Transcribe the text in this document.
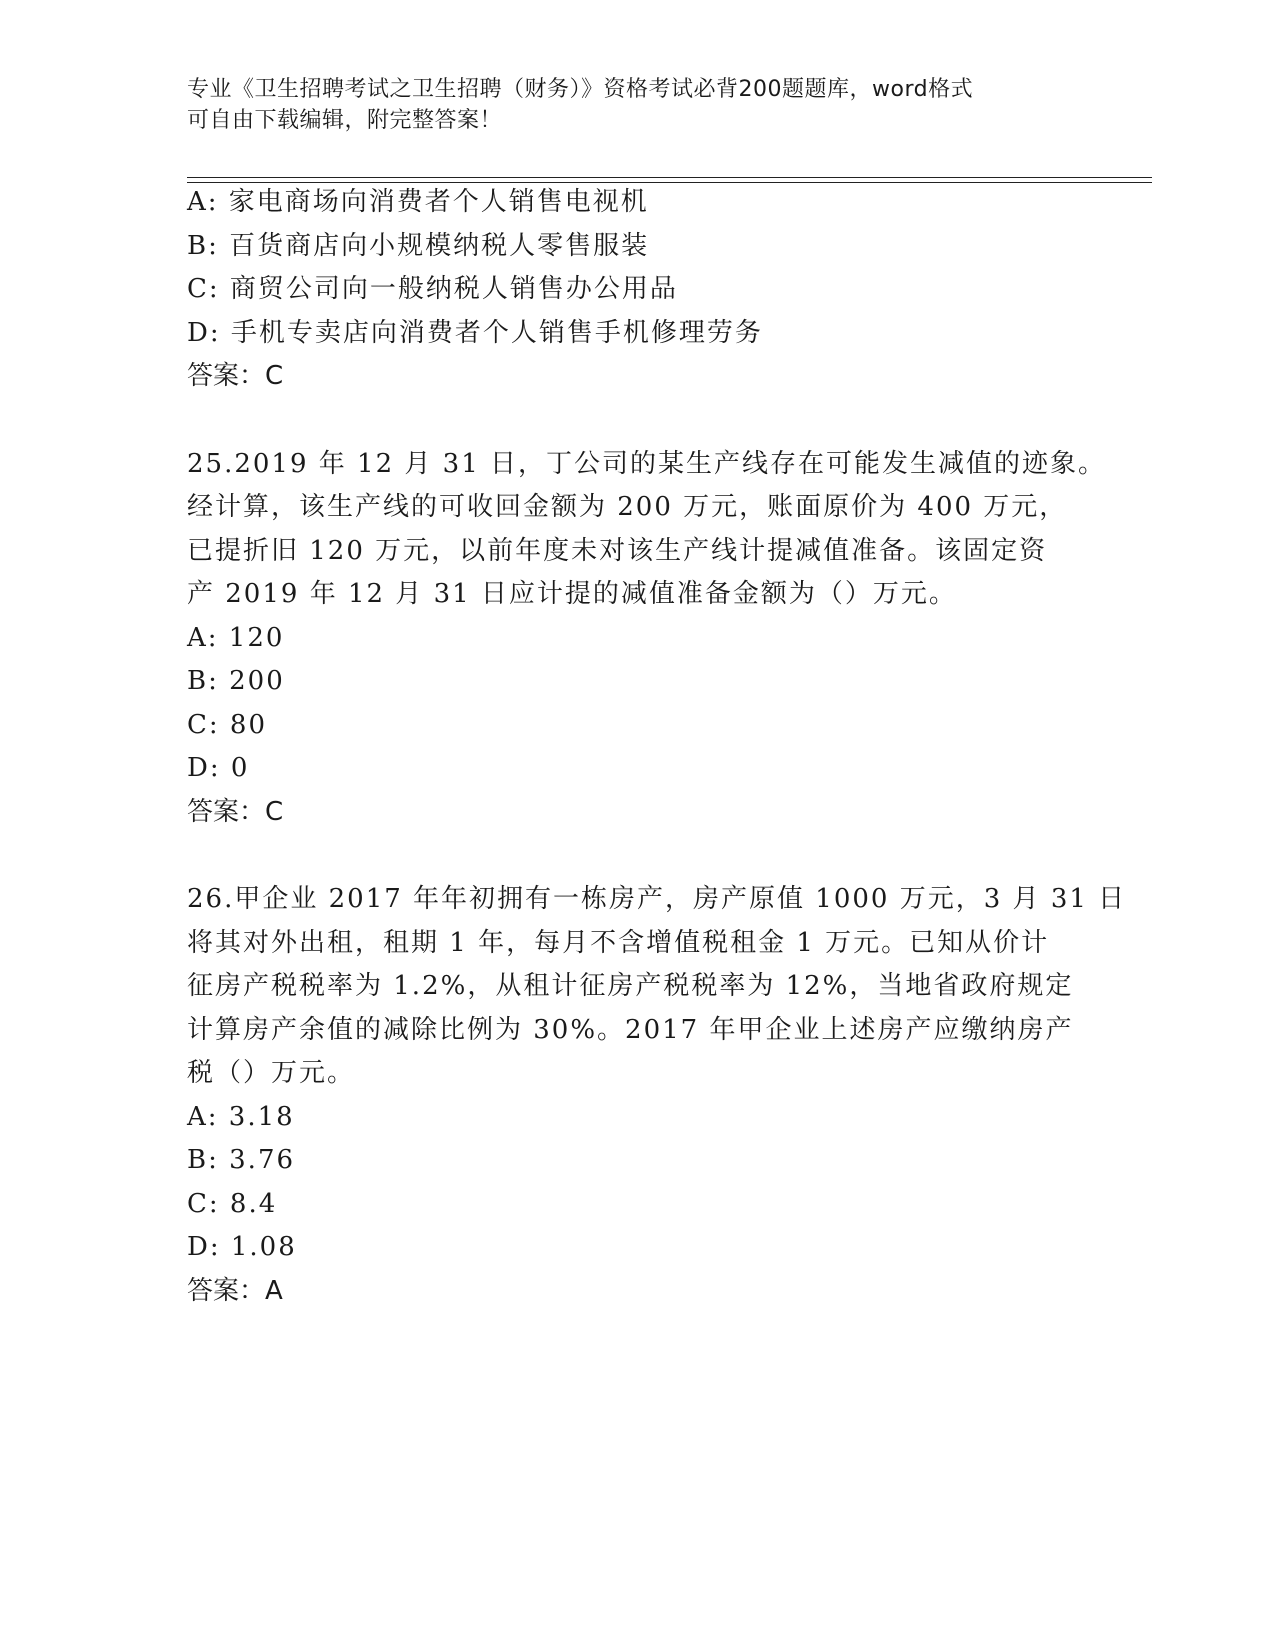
专业《卫生招聘考试之卫生招聘（财务）》资格考试必背200题题库，word格式
可自由下载编辑，附完整答案！
A: 家电商场向消费者个人销售电视机
B: 百货商店向小规模纳税人零售服装
C: 商贸公司向一般纳税人销售办公用品
D: 手机专卖店向消费者个人销售手机修理劳务
答案：C
25.2019 年 12 月 31 日，丁公司的某生产线存在可能发生减值的迹象。
经计算，该生产线的可收回金额为 200 万元，账面原价为 400 万元，
已提折旧 120 万元，以前年度未对该生产线计提减值准备。该固定资
产 2019 年 12 月 31 日应计提的减值准备金额为（）万元。
A: 120
B: 200
C: 80
D: 0
答案：C
26.甲企业 2017 年年初拥有一栋房产，房产原值 1000 万元，3 月 31 日
将其对外出租，租期 1 年，每月不含增值税租金 1 万元。已知从价计
征房产税税率为 1.2%，从租计征房产税税率为 12%，当地省政府规定
计算房产余值的减除比例为 30%。2017 年甲企业上述房产应缴纳房产
税（）万元。
A: 3.18
B: 3.76
C: 8.4
D: 1.08
答案：A
